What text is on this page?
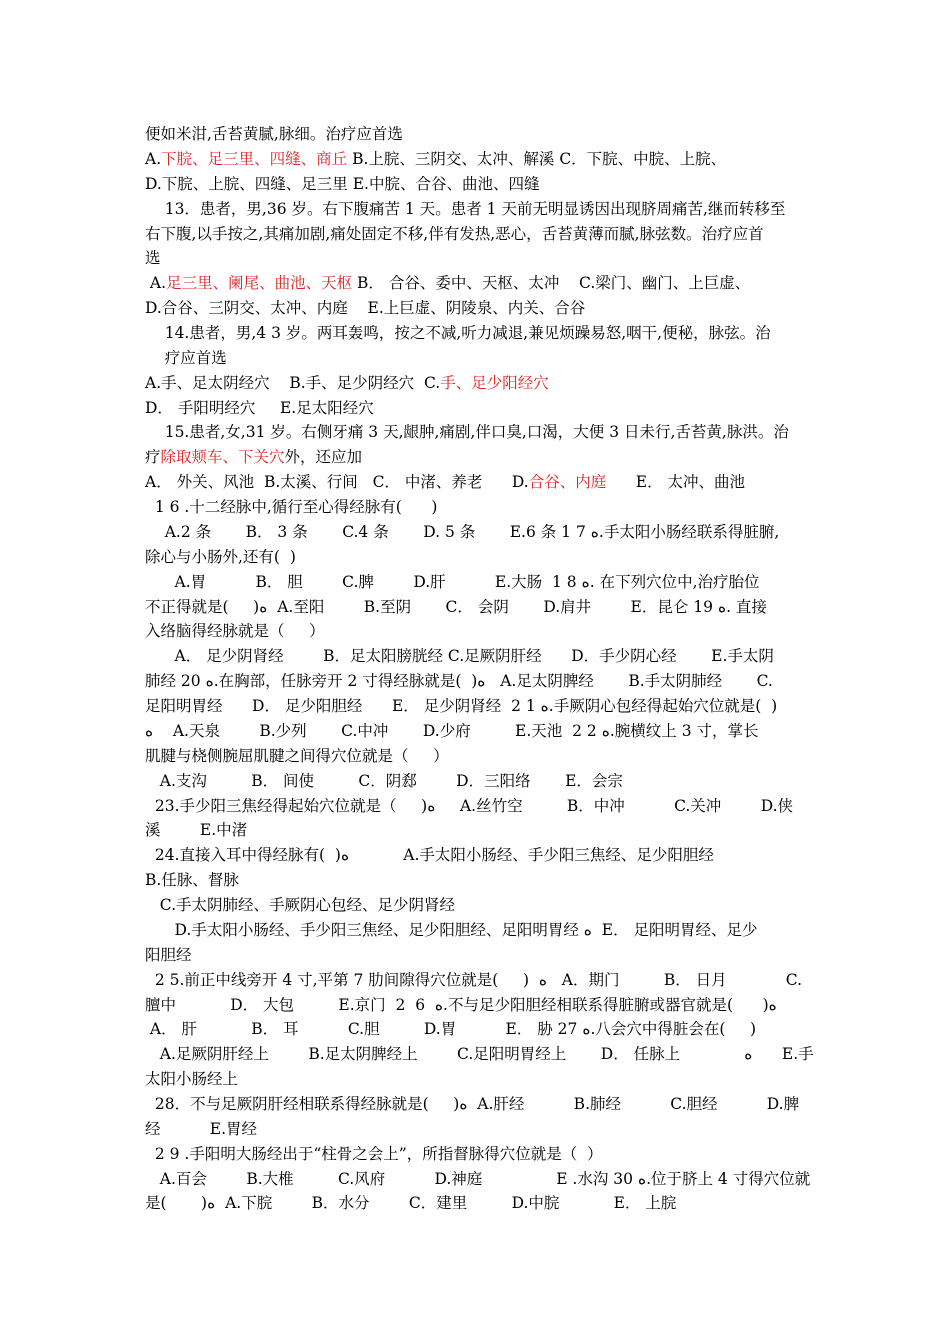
便如米泔,舌苔黄腻,脉细。治疗应首选
A.下脘、足三里、四缝、商丘 B.上脘、三阴交、太冲、解溪 C．下脘、中脘、上脘、
D.下脘、上脘、四缝、足三里 E.中脘、合谷、曲池、四缝
13．患者，男,36 岁。右下腹痛苦 1 天。患者 1 天前无明显诱因出现脐周痛苦,继而转移至
右下腹,以手按之,其痛加剧,痛处固定不移,伴有发热,恶心，舌苔黄薄而腻,脉弦数。治疗应首
选
A.足三里、阑尾、曲池、天枢 B． 合谷、委中、天枢、太冲    C.梁门、幽门、上巨虚、
D.合谷、三阴交、太冲、内庭    E.上巨虚、阴陵泉、内关、合谷
14.患者，男,4 3 岁。两耳轰鸣，按之不减,听力减退,兼见烦躁易怒,咽干,便秘，脉弦。治
疗应首选
A.手、足太阴经穴    B.手、足少阴经穴  C.手、足少阳经穴
D． 手阳明经穴     E.足太阳经穴
15.患者,女,31 岁。右侧牙痛 3 天,龈肿,痛剧,伴口臭,口渴，大便 3 日未行,舌苔黄,脉洪。治
疗除取颊车、下关穴外，还应加
A． 外关、风池  B.太溪、行间   C． 中渚、养老      D.合谷、内庭      E． 太冲、曲池
1 6 .十二经脉中,循行至心得经脉有(      )
A.2 条       B． 3 条       C.4 条       D. 5 条       E.6 条 1 7 ﻩ.手太阳小肠经联系得脏腑,
除心与小肠外,还有(  )
A.胃          B． 胆        C.脾        D.肝          E.大肠  1 8 ﻩ. 在下列穴位中,治疗胎位
不正得就是(     )ﻩ  A.至阳        B.至阴       C． 会阴       D.肩井        E．昆仑 19 ﻩ. 直接
入络脑得经脉就是（     ）
A． 足少阴肾经        B．足太阳膀胱经 C.足厥阴肝经      D．手少阴心经       E.手太阴
肺经 20 ﻩ.在胸部，任脉旁开 2 寸得经脉就是(  )ﻩ   A.足太阴脾经       B.手太阴肺经       C.
足阳明胃经      D． 足少阳胆经      E． 足少阴肾经  2 1 ﻩ.手厥阴心包经得起始穴位就是(  )
ﻩ    A.天泉        B.少列       C.中冲       D.少府         E.天池  2 2 ﻩ.腕横纹上 3 寸，掌长
肌腱与桡侧腕屈肌腱之间得穴位就是（     ）
A.支沟         B． 间使         C．阴郄        D．三阳络       E．会宗
23.手少阳三焦经得起始穴位就是（     )ﻩ     A.丝竹空         B．中冲          C.关冲        D.侠
溪        E.中渚
24.直接入耳中得经脉有(  )ﻩ           A.手太阳小肠经、手少阳三焦经、足少阳胆经
B.任脉、督脉
C.手太阴肺经、手厥阴心包经、足少阴肾经
D.手太阳小肠经、手少阳三焦经、足少阳胆经、足阳明胃经 ﻩ  E． 足阳明胃经、足少
阳胆经
2 5.前正中线旁开 4 寸,平第 7 肋间隙得穴位就是(     )  ﻩ   A．期门         B． 日月            C.
膻中           D． 大包         E.京门  2  6  ﻩ.不与足少阳胆经相联系得脏腑或器官就是(      )ﻩ
A． 肝           B． 耳          C.胆         D.胃          E． 胁 27 ﻩ.八会穴中得脏会在(     )
A.足厥阴肝经上        B.足太阴脾经上        C.足阳明胃经上       D． 任脉上             ﻩ      E.手
太阳小肠经上
28．不与足厥阴肝经相联系得经脉就是(     )ﻩ  A.肝经          B.肺经          C.胆经          D.脾
经          E.胃经
2 9 .手阳明大肠经出于“柱骨之会上”，所指督脉得穴位就是（  ）
A.百会        B.大椎         C.风府          D.神庭               E .水沟 30 ﻩ.位于脐上 4 寸得穴位就
是(       )ﻩ  A.下脘        B．水分        C．建里         D.中脘           E． 上脘
